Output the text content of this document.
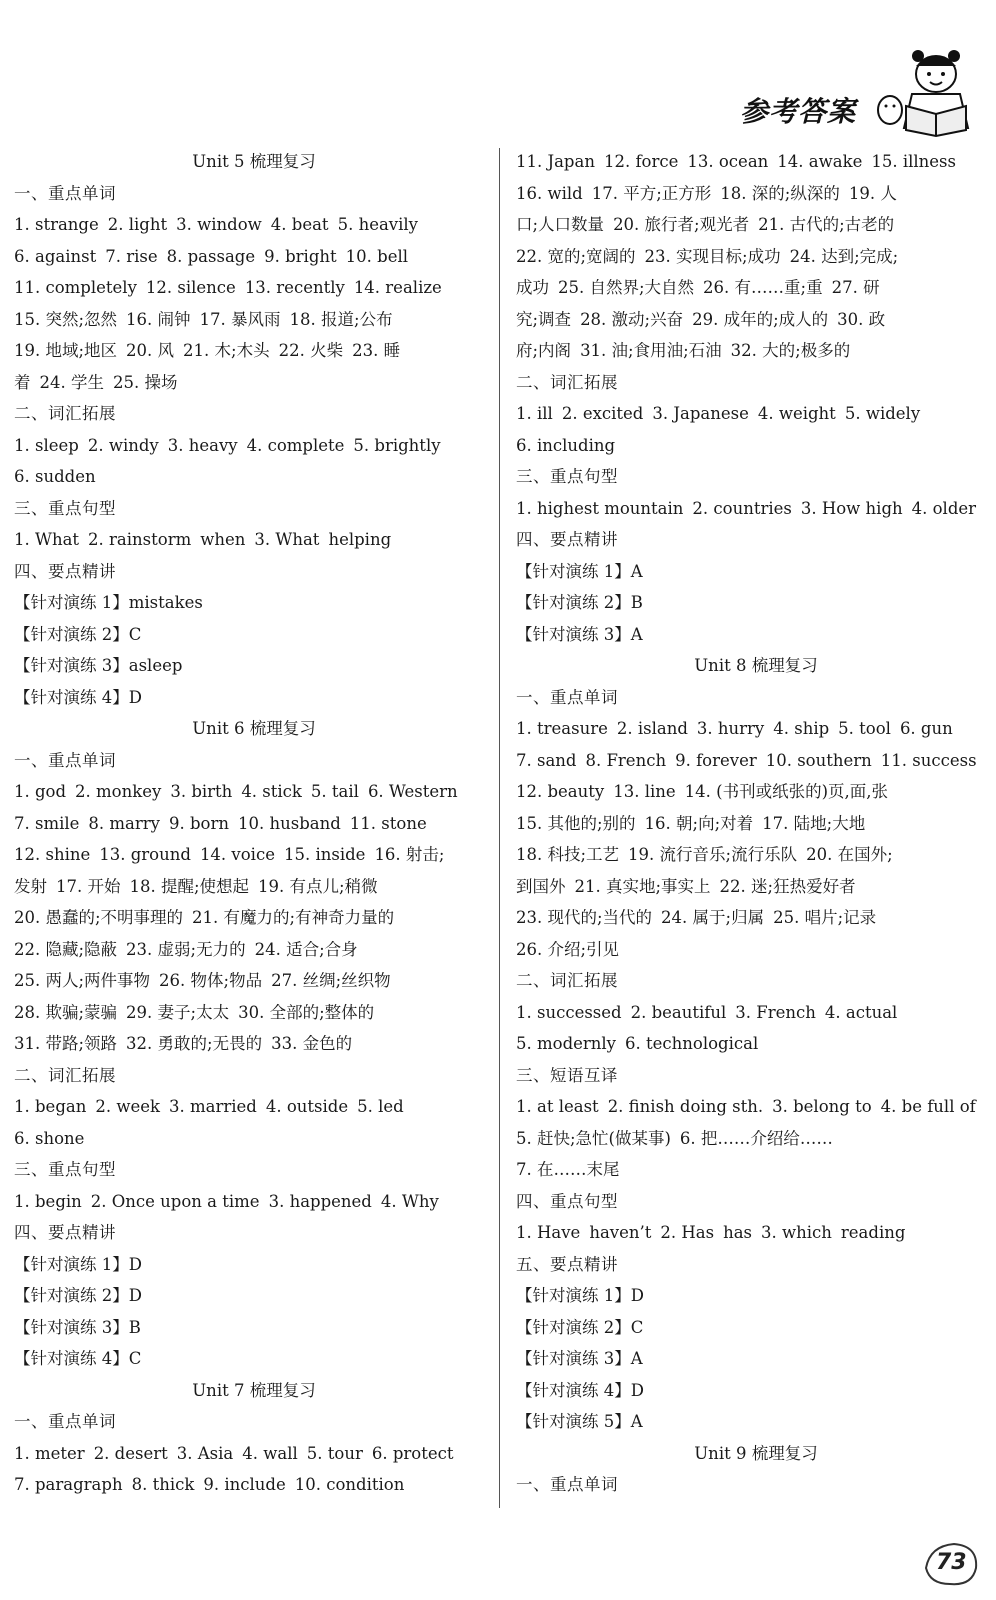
参考答案
Unit 5 梳理复习
一、重点单词
1. strange 2. light 3. window 4. beat 5. heavily
6. against 7. rise 8. passage 9. bright 10. bell
11. completely 12. silence 13. recently 14. realize
15. 突然;忽然 16. 闹钟 17. 暴风雨 18. 报道;公布
19. 地域;地区 20. 风 21. 木;木头 22. 火柴 23. 睡
着 24. 学生 25. 操场
二、词汇拓展
1. sleep 2. windy 3. heavy 4. complete 5. brightly
6. sudden
三、重点句型
1. What 2. rainstorm when 3. What helping
四、要点精讲
【针对演练 1】mistakes
【针对演练 2】C
【针对演练 3】asleep
【针对演练 4】D
Unit 6 梳理复习
一、重点单词
1. god 2. monkey 3. birth 4. stick 5. tail 6. Western
7. smile 8. marry 9. born 10. husband 11. stone
12. shine 13. ground 14. voice 15. inside 16. 射击;
发射 17. 开始 18. 提醒;使想起 19. 有点儿;稍微
20. 愚蠢的;不明事理的 21. 有魔力的;有神奇力量的
22. 隐藏;隐蔽 23. 虚弱;无力的 24. 适合;合身
25. 两人;两件事物 26. 物体;物品 27. 丝绸;丝织物
28. 欺骗;蒙骗 29. 妻子;太太 30. 全部的;整体的
31. 带路;领路 32. 勇敢的;无畏的 33. 金色的
二、词汇拓展
1. began 2. week 3. married 4. outside 5. led
6. shone
三、重点句型
1. begin 2. Once upon a time 3. happened 4. Why
四、要点精讲
【针对演练 1】D
【针对演练 2】D
【针对演练 3】B
【针对演练 4】C
Unit 7 梳理复习
一、重点单词
1. meter 2. desert 3. Asia 4. wall 5. tour 6. protect
7. paragraph 8. thick 9. include 10. condition
11. Japan 12. force 13. ocean 14. awake 15. illness
16. wild 17. 平方;正方形 18. 深的;纵深的 19. 人
口;人口数量 20. 旅行者;观光者 21. 古代的;古老的
22. 宽的;宽阔的 23. 实现目标;成功 24. 达到;完成;
成功 25. 自然界;大自然 26. 有……重;重 27. 研
究;调查 28. 激动;兴奋 29. 成年的;成人的 30. 政
府;内阁 31. 油;食用油;石油 32. 大的;极多的
二、词汇拓展
1. ill 2. excited 3. Japanese 4. weight 5. widely
6. including
三、重点句型
1. highest mountain 2. countries 3. How high 4. older
四、要点精讲
【针对演练 1】A
【针对演练 2】B
【针对演练 3】A
Unit 8 梳理复习
一、重点单词
1. treasure 2. island 3. hurry 4. ship 5. tool 6. gun
7. sand 8. French 9. forever 10. southern 11. success
12. beauty 13. line 14. (书刊或纸张的)页,面,张
15. 其他的;别的 16. 朝;向;对着 17. 陆地;大地
18. 科技;工艺 19. 流行音乐;流行乐队 20. 在国外;
到国外 21. 真实地;事实上 22. 迷;狂热爱好者
23. 现代的;当代的 24. 属于;归属 25. 唱片;记录
26. 介绍;引见
二、词汇拓展
1. successed 2. beautiful 3. French 4. actual
5. modernly 6. technological
三、短语互译
1. at least 2. finish doing sth. 3. belong to 4. be full of
5. 赶快;急忙(做某事) 6. 把……介绍给……
7. 在……末尾
四、重点句型
1. Have haven’t 2. Has has 3. which reading
五、要点精讲
【针对演练 1】D
【针对演练 2】C
【针对演练 3】A
【针对演练 4】D
【针对演练 5】A
Unit 9 梳理复习
一、重点单词
73
